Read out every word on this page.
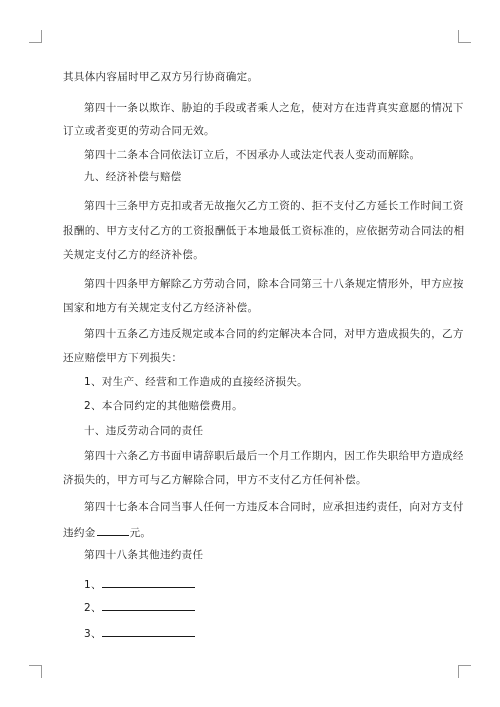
其具体内容届时甲乙双方另行协商确定。
第四十一条以欺诈、胁迫的手段或者乘人之危，使对方在违背真实意愿的情况下
订立或者变更的劳动合同无效。
第四十二条本合同依法订立后，不因承办人或法定代表人变动而解除。
九、经济补偿与赔偿
第四十三条甲方克扣或者无故拖欠乙方工资的、拒不支付乙方延长工作时间工资
报酬的、甲方支付乙方的工资报酬低于本地最低工资标准的，应依据劳动合同法的相
关规定支付乙方的经济补偿。
第四十四条甲方解除乙方劳动合同，除本合同第三十八条规定情形外，甲方应按
国家和地方有关规定支付乙方经济补偿。
第四十五条乙方违反规定或本合同的约定解决本合同，对甲方造成损失的，乙方
还应赔偿甲方下列损失：
1、对生产、经营和工作造成的直接经济损失。
2、本合同约定的其他赔偿费用。
十、违反劳动合同的责任
第四十六条乙方书面申请辞职后最后一个月工作期内，因工作失职给甲方造成经
济损失的，甲方可与乙方解除合同，甲方不支付乙方任何补偿。
第四十七条本合同当事人任何一方违反本合同时，应承担违约责任，向对方支付
违约金	元。
第四十八条其他违约责任
1、
2、
3、
